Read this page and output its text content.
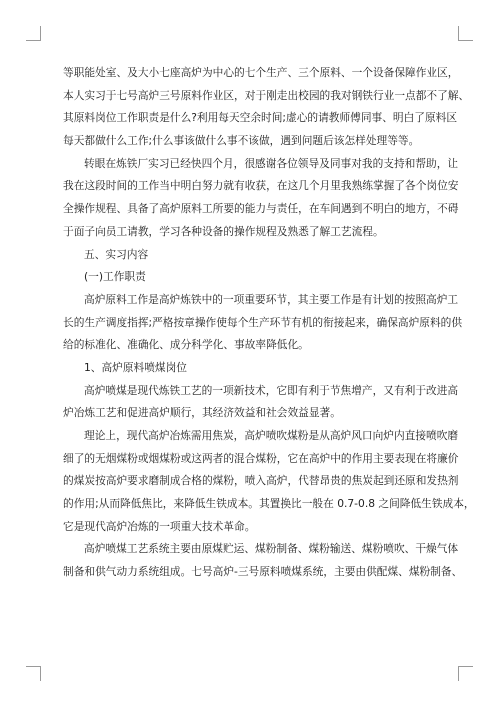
等职能处室、及大小七座高炉为中心的七个生产、三个原料、一个设备保障作业区，
本人实习于七号高炉三号原料作业区，对于刚走出校园的我对钢铁行业一点都不了解、
其原料岗位工作职责是什么?利用每天空余时间;虚心的请教师傅同事、明白了原料区
每天都做什么工作;什么事该做什么事不该做，遇到问题后该怎样处理等等。
转眼在炼铁厂实习已经快四个月，很感谢各位领导及同事对我的支持和帮助，让
我在这段时间的工作当中明白努力就有收获，在这几个月里我熟练掌握了各个岗位安
全操作规程、具备了高炉原料工所要的能力与责任，在车间遇到不明白的地方，不碍
于面子向员工请教，学习各种设备的操作规程及熟悉了解工艺流程。
五、实习内容
(一)工作职责
高炉原料工作是高炉炼铁中的一项重要环节，其主要工作是有计划的按照高炉工
长的生产调度指挥;严格按章操作使每个生产环节有机的衔接起来，确保高炉原料的供
给的标准化、准确化、成分科学化、事故率降低化。
1、高炉原料喷煤岗位
高炉喷煤是现代炼铁工艺的一项新技术，它即有利于节焦增产，又有利于改进高
炉冶炼工艺和促进高炉顺行，其经济效益和社会效益显著。
理论上，现代高炉冶炼需用焦炭，高炉喷吹煤粉是从高炉风口向炉内直接喷吹磨
细了的无烟煤粉或烟煤粉或这两者的混合煤粉，它在高炉中的作用主要表现在将廉价
的煤炭按高炉要求磨制成合格的煤粉，喷入高炉，代替昂贵的焦炭起到还原和发热剂
的作用;从而降低焦比，来降低生铁成本。其置换比一般在 0.7-0.8 之间降低生铁成本，
它是现代高炉冶炼的一项重大技术革命。
高炉喷煤工艺系统主要由原煤贮运、煤粉制备、煤粉输送、煤粉喷吹、干燥气体
制备和供气动力系统组成。七号高炉-三号原料喷煤系统，主要由供配煤、煤粉制备、
